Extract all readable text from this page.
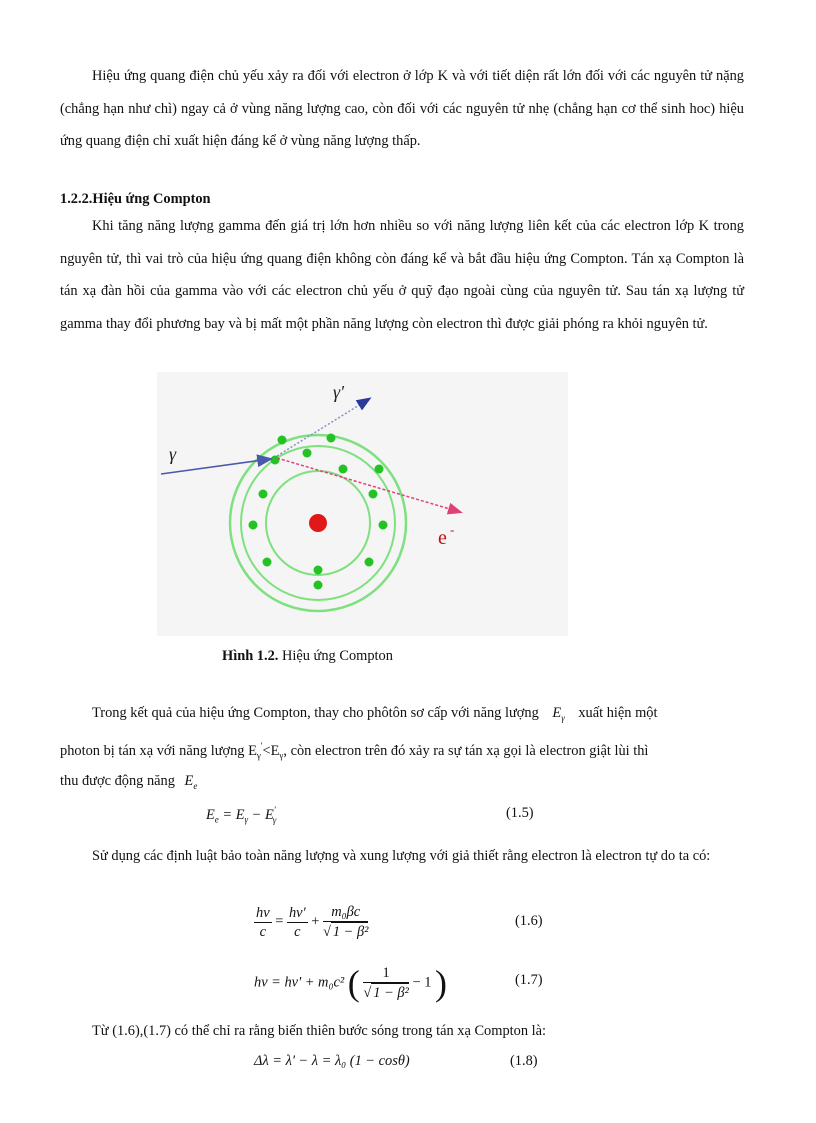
Hiệu ứng quang điện chủ yếu xảy ra đối với electron ở lớp K và với tiết diện rất lớn đối với các nguyên tử nặng (chẳng hạn như chì) ngay cả ở vùng năng lượng cao, còn đối với các nguyên tử nhẹ (chẳng hạn cơ thể sinh hoc) hiệu ứng quang điện chỉ xuất hiện đáng kể ở vùng năng lượng thấp.

1.2.2.Hiệu ứng Compton

Khi tăng năng lượng gamma đến giá trị lớn hơn nhiều so với năng lượng liên kết của các electron lớp K trong nguyên tử, thì vai trò của hiệu ứng quang điện không còn đáng kể và bắt đầu hiệu ứng Compton. Tán xạ Compton là tán xạ đàn hồi của gamma vào với các electron chủ yếu ở quỹ đạo ngoài cùng của nguyên tử. Sau tán xạ lượng tử gamma thay đổi phương bay và bị mất một phần năng lượng còn electron thì được giải phóng ra khỏi nguyên tử.

γ
γ'
e -
Hình 1.2. Hiệu ứng Compton
Trong kết quả của hiệu ứng Compton, thay cho phôtôn sơ cấp với năng lượng $E_\gamma$ xuất hiện một
photon bị tán xạ với năng lượng $E_\gamma'<E_\gamma$, còn electron trên đó xảy ra sự tán xạ gọi là electron giật lùi thì
thu được động năng $E_e$
$E_e = E_\gamma - E'_\gamma$	(1.5)

Sử dụng các định luật bảo toàn năng lượng và xung lượng với giả thiết rằng electron là electron tự do ta có:

$\frac{h\nu}{c} = \frac{h\nu'}{c} + \frac{\text{m₀βc}}{\text{√ 1 − β²}}$	(1.6)
hν = hν' + m₀c² ( $\frac{1}{\text{√ 1 − β²}} - 1$ )	(1.7)
Từ (1.6),(1.7) có thể chỉ ra rằng biến thiên bước sóng trong tán xạ Compton là:
Δλ = λ' − λ = λ₀ (1 − cosθ)	(1.8)
